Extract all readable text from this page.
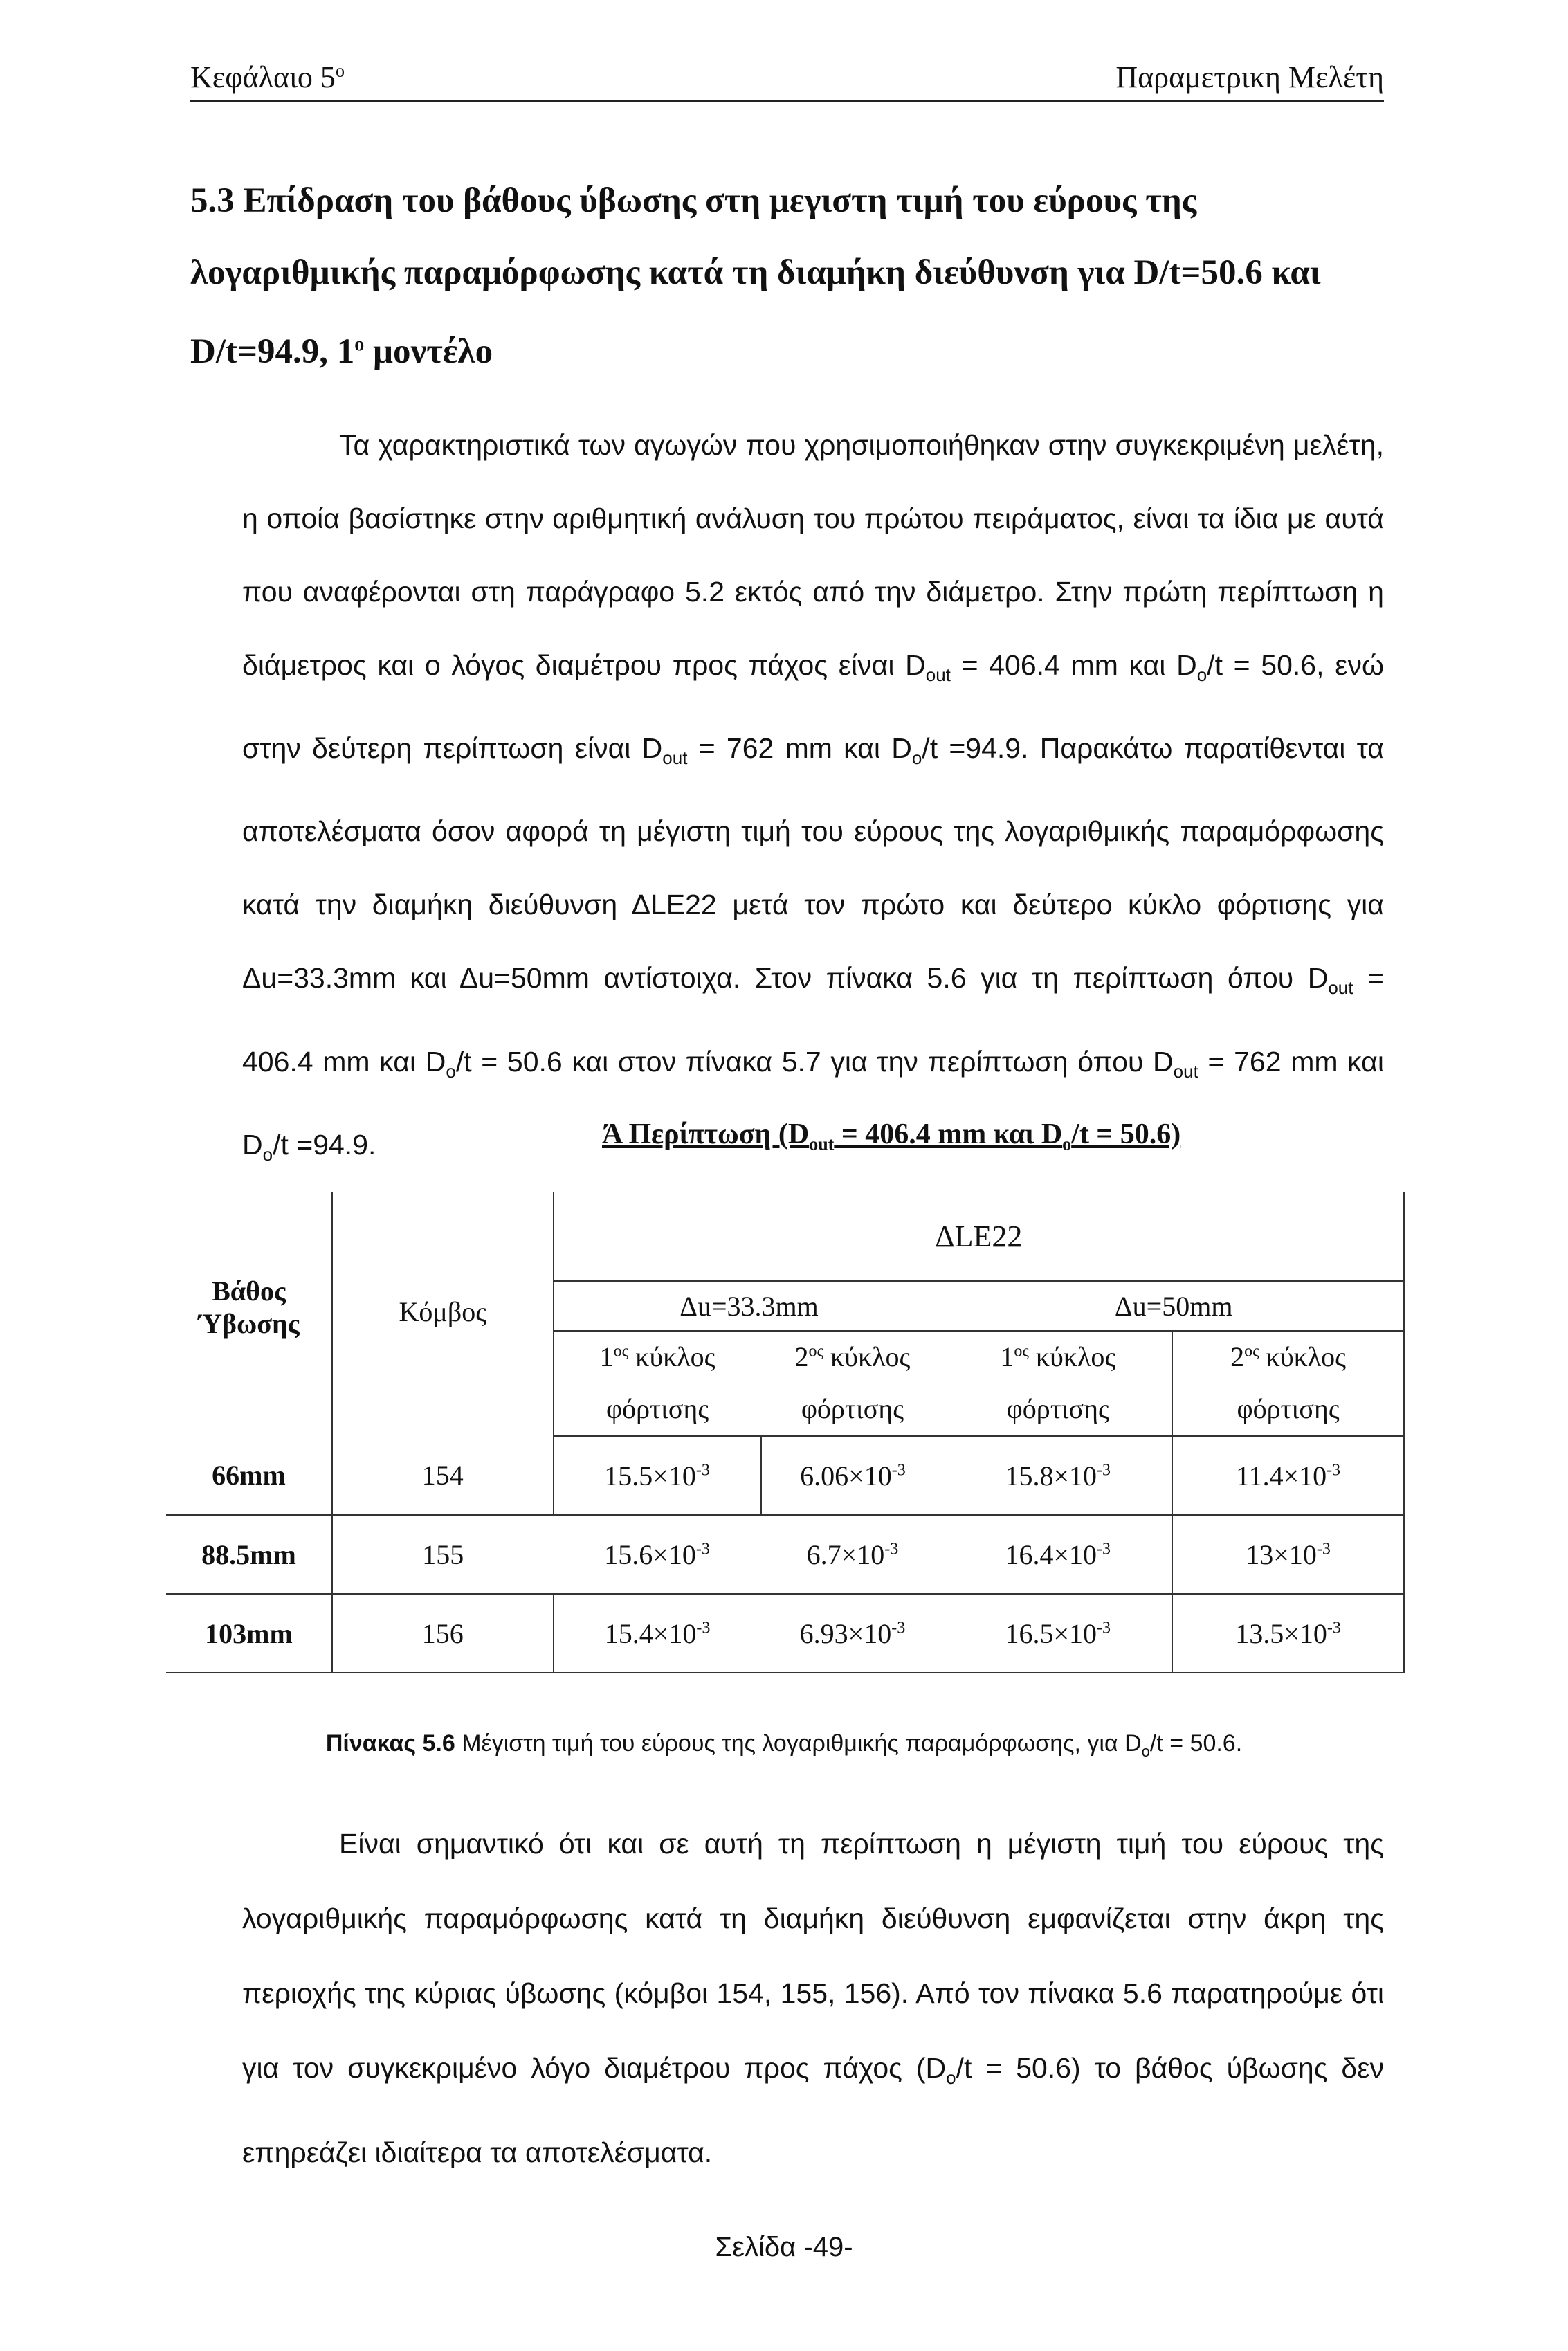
Κεφάλαιο $5^o$	Παραμετρικη Μελέτη
5.3 Επίδραση του βάθους ύβωσης στη μεγιστη τιμή του εύρους της λογαριθμικής παραμόρφωσης κατά τη διαμήκη διεύθυνση για D/t=50.6 και D/t=94.9, $1^o$ μοντέλο
Τα χαρακτηριστικά των αγωγών που χρησιμοποιήθηκαν στην συγκεκριμένη μελέτη, η οποία βασίστηκε στην αριθμητική ανάλυση του πρώτου πειράματος, είναι τα ίδια με αυτά που αναφέρονται στη παράγραφο 5.2 εκτός από την διάμετρο. Στην πρώτη περίπτωση η διάμετρος και ο λόγος διαμέτρου προς πάχος είναι $D_{out} = 406.4$ mm και $D_o/t = 50.6$, ενώ στην δεύτερη περίπτωση είναι $D_{out} = 762$ mm και $D_o/t =94.9$. Παρακάτω παρατίθενται τα αποτελέσματα όσον αφορά τη μέγιστη τιμή του εύρους της λογαριθμικής παραμόρφωσης κατά την διαμήκη διεύθυνση ΔLE22 μετά τον πρώτο και δεύτερο κύκλο φόρτισης για Δu=33.3mm και Δu=50mm αντίστοιχα. Στον πίνακα 5.6 για τη περίπτωση όπου $D_{out} = 406.4$ mm και $D_o/t = 50.6$ και στον πίνακα 5.7 για την περίπτωση όπου $D_{out} = 762$ mm και $D_o/t =94.9$.	Ά Περίπτωση ($D_{out} = 406.4$ mm και $D_o/t = 50.6$)
Βάθος
Ύβωσης	Κόμβος	ΔLE22			
		Δu=33.3mm		Δu=50mm	
		$1^{o\varsigma}$ κύκλος	$2^{o\varsigma}$ κύκλος	$1^{o\varsigma}$ κύκλος	$2^{o\varsigma}$ κύκλος
		φόρτισης	φόρτισης	φόρτισης	φόρτισης
66mm	154	$15.5\times 10^{-3}$	$6.06\times 10^{-3}$	$15.8\times 10^{-3}$	$11.4\times 10^{-3}$
88.5mm	155	$15.6\times 10^{-3}$	$6.7\times 10^{-3}$	$16.4\times 10^{-3}$	$13\times 10^{-3}$
103mm	156	$15.4\times 10^{-3}$	$6.93\times 10^{-3}$	$16.5\times 10^{-3}$	$13.5\times 10^{-3}$
Πίνακας 5.6 Μέγιστη τιμή του εύρους της λογαριθμικής παραμόρφωσης, για $D_o/t = 50.6$.
Είναι σημαντικό ότι και σε αυτή τη περίπτωση η μέγιστη τιμή του εύρους της λογαριθμικής παραμόρφωσης κατά τη διαμήκη διεύθυνση εμφανίζεται στην άκρη της περιοχής της κύριας ύβωσης (κόμβοι 154, 155, 156). Από τον πίνακα 5.6 παρατηρούμε ότι για τον συγκεκριμένο λόγο διαμέτρου προς πάχος $(D_o/t = 50.6)$ το βάθος ύβωσης δεν επηρεάζει ιδιαίτερα τα αποτελέσματα.
Σελίδα -49-
